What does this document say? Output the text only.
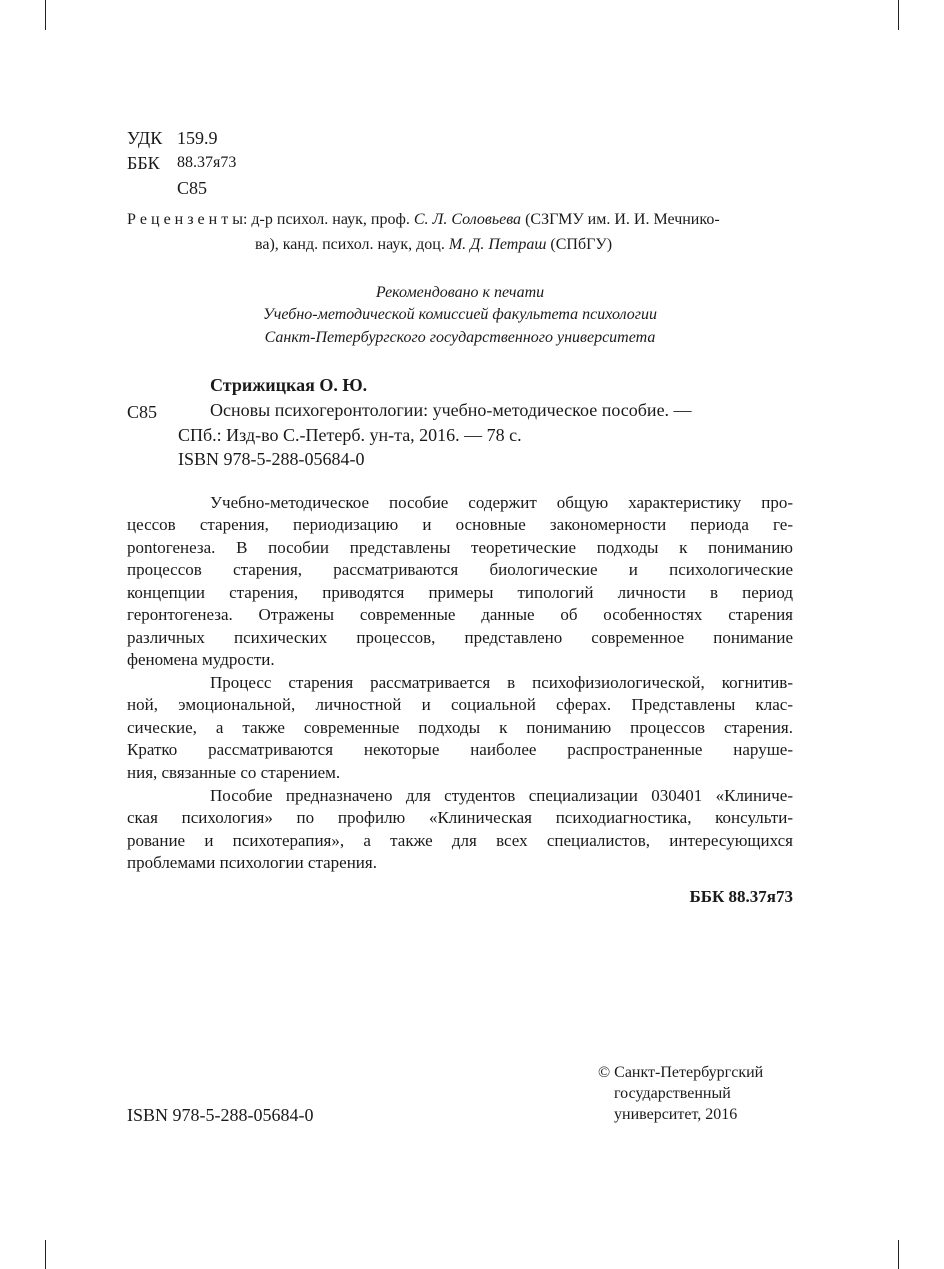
УДК 159.9
ББК 88.37я73
С85
Р е ц е н з е н т ы: д-р психол. наук, проф. С. Л. Соловьева (СЗГМУ им. И. И. Мечнико-
ва), канд. психол. наук, доц. М. Д. Петраш (СПбГУ)
Рекомендовано к печати
Учебно-методической комиссией факультета психологии
Санкт-Петербургского государственного университета
Стрижицкая О. Ю.
С85	Основы психогеронтологии: учебно-методическое пособие. —
СПб.: Изд-во С.-Петерб. ун-та, 2016. — 78 с.
ISBN 978-5-288-05684-0
Учебно-методическое пособие содержит общую характеристику про-
цессов старения, периодизацию и основные закономерности периода ге-
рontогенеза. В пособии представлены теоретические подходы к пониманию
процессов старения, рассматриваются биологические и психологические
концепции старения, приводятся примеры типологий личности в период
геронтогенеза. Отражены современные данные об особенностях старения
различных психических процессов, представлено современное понимание
феномена мудрости.
Процесс старения рассматривается в психофизиологической, когнитив-
ной, эмоциональной, личностной и социальной сферах. Представлены клас-
сические, а также современные подходы к пониманию процессов старения.
Кратко рассматриваются некоторые наиболее распространенные наруше-
ния, связанные со старением.
Пособие предназначено для студентов специализации 030401 «Клиниче-
ская психология» по профилю «Клиническая психодиагностика, консульти-
рование и психотерапия», а также для всех специалистов, интересующихся
проблемами психологии старения.
ББК 88.37я73
ISBN 978-5-288-05684-0
© Санкт-Петербургский
государственный
университет, 2016
